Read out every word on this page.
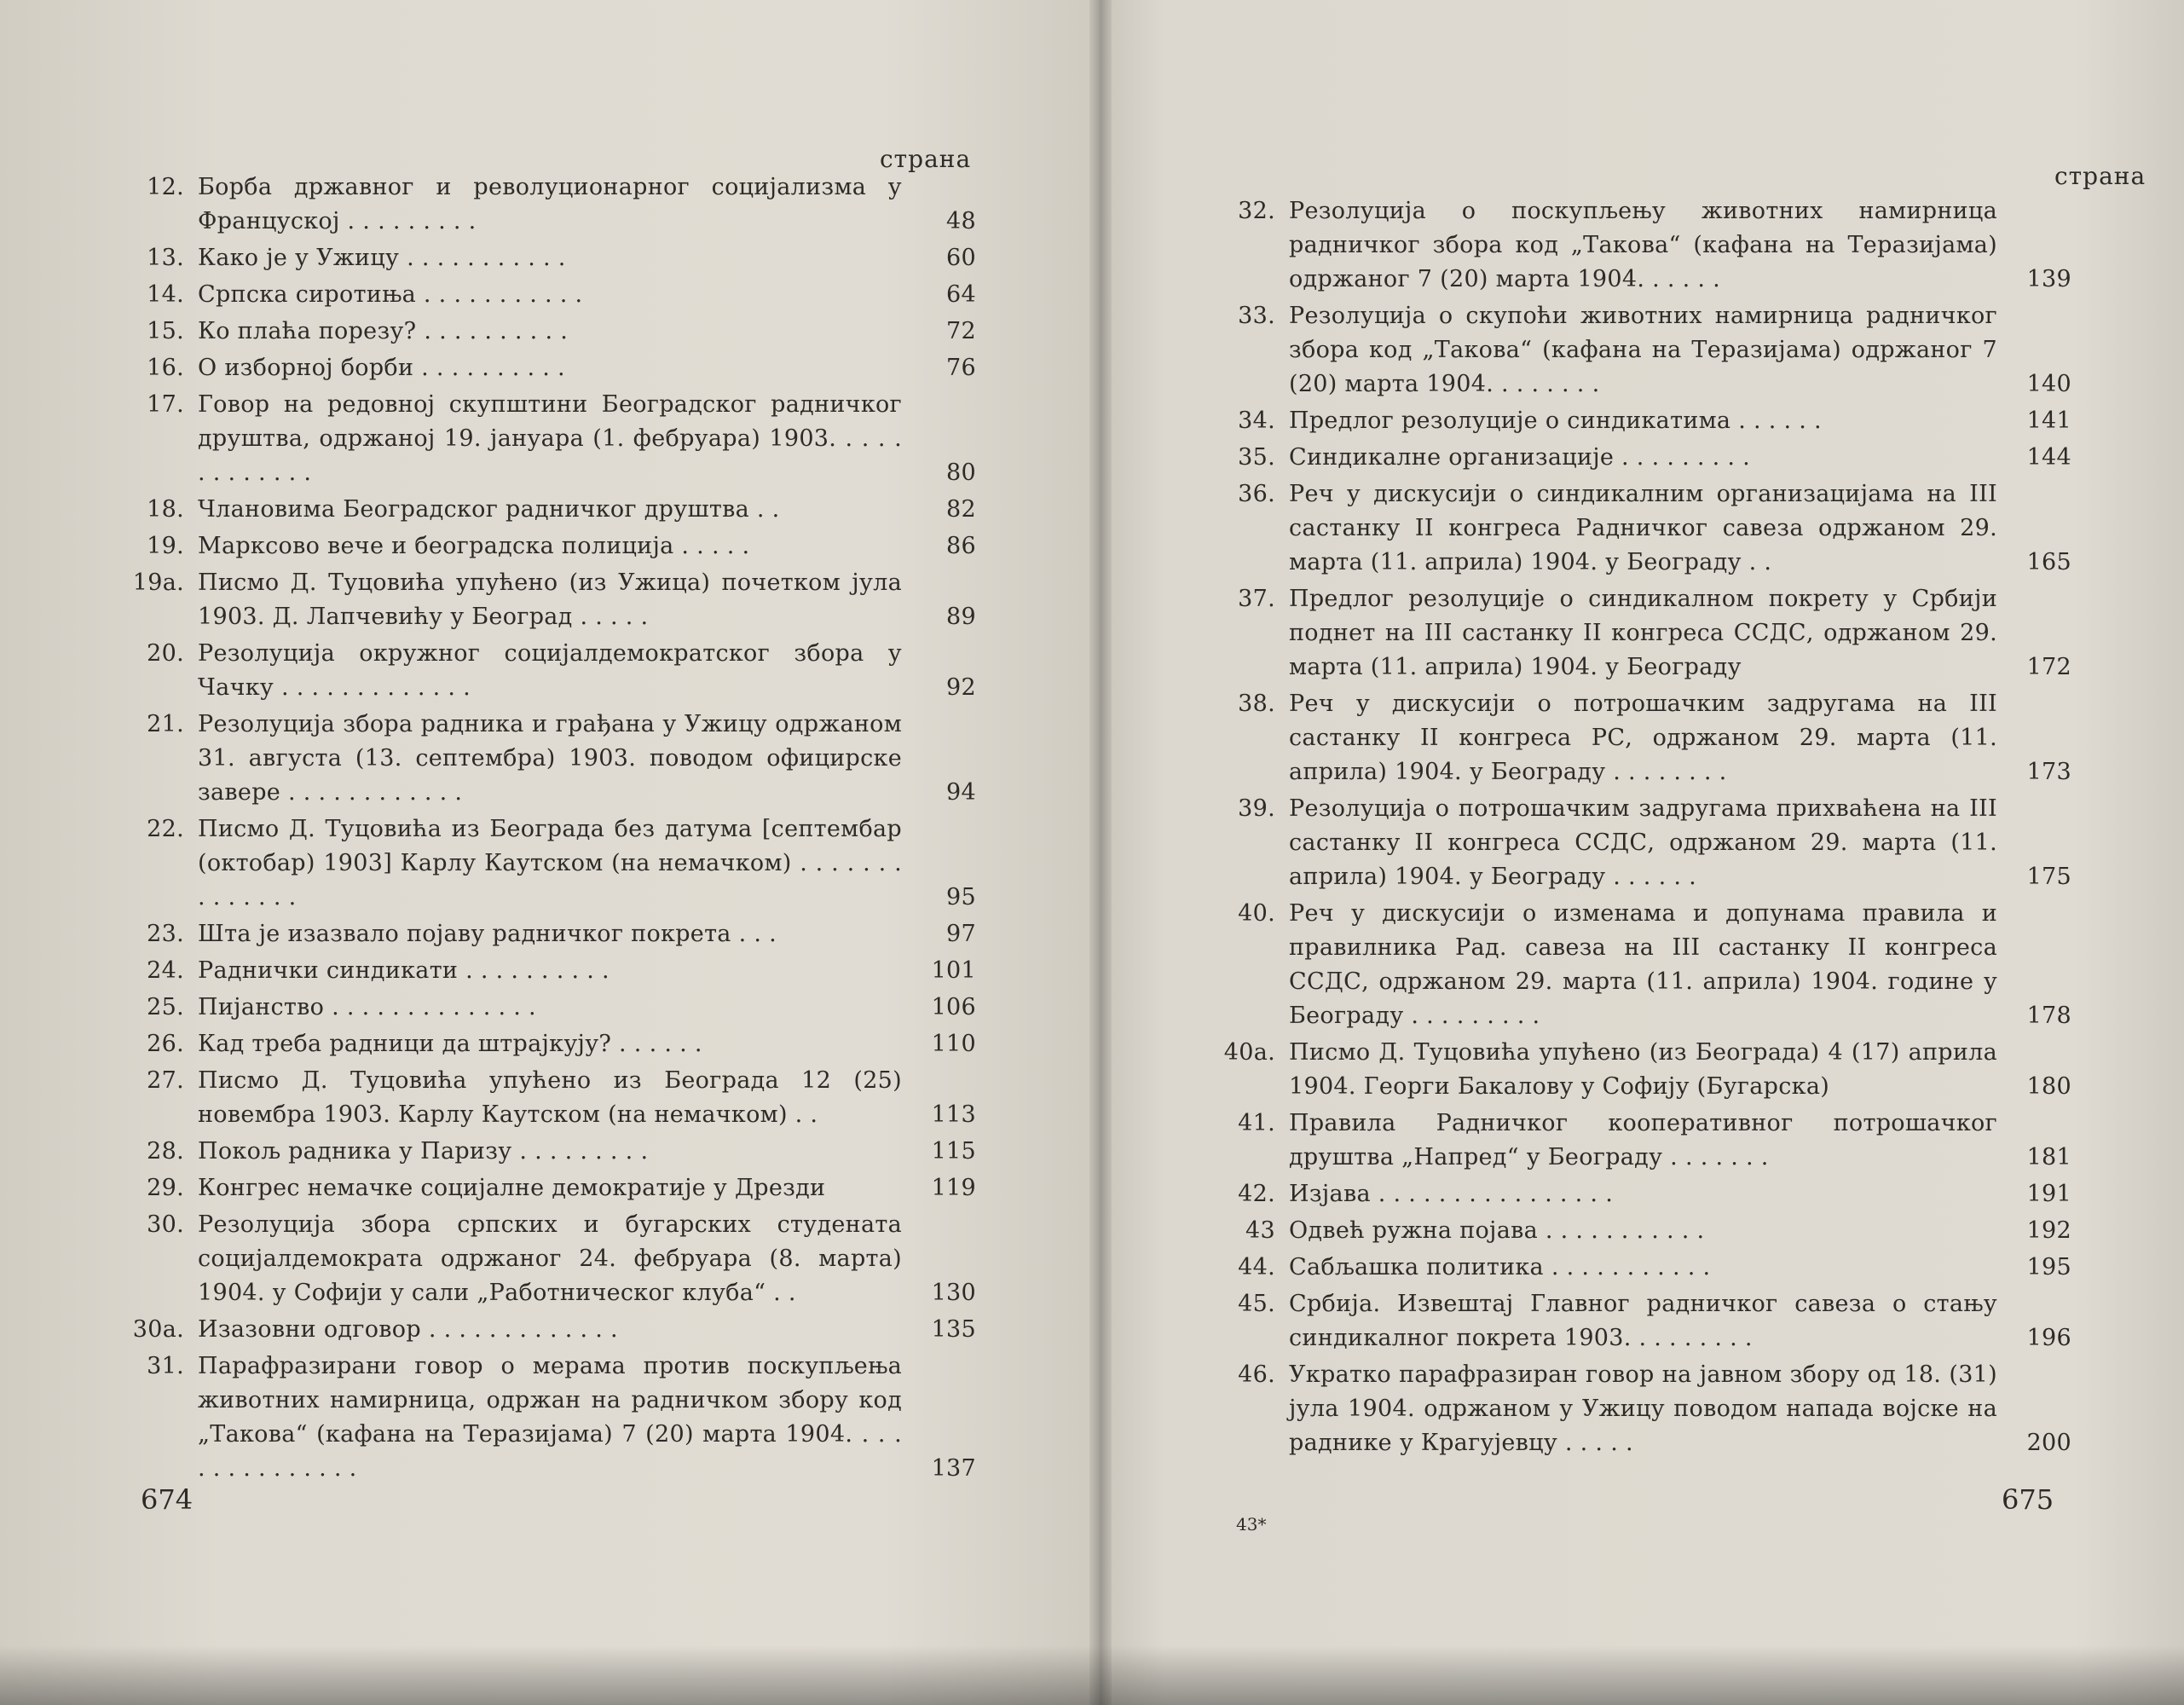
страна
12. Борба државног и револуционарног социјализма у Француској . . . . . . . . .	48
13. Како је у Ужицу . . . . . . . . . . .	60
14. Српска сиротиња . . . . . . . . . . .	64
15. Ко плаћа порезу? . . . . . . . . . .	72
16. О изборној борби . . . . . . . . . .	76
17. Говор на редовној скупштини Београдског радничког друштва, одржаној 19. јануара (1. фебруара) 1903. . . . . . . . . . . . .	80
18. Члановима Београдског радничког друштва . .	82
19. Марксово вече и београдска полиција . . . . .	86
19а. Писмо Д. Туцовића упућено (из Ужица) почетком јула 1903. Д. Лапчевићу у Београд . . . . .	89
20. Резолуција окружног социјалдемократског збора у Чачку . . . . . . . . . . . . .	92
21. Резолуција збора радника и грађана у Ужицу одржаном 31. августа (13. септембра) 1903. поводом официрске завере . . . . . . . . . . . .	94
22. Писмо Д. Туцовића из Београда без датума [септембар (октобар) 1903] Карлу Каутском (на немачком) . . . . . . . . . . . . . .	95
23. Шта је изазвало појаву радничког покрета . . .	97
24. Раднички синдикати . . . . . . . . . .	101
25. Пијанство . . . . . . . . . . . . . .	106
26. Кад треба радници да штрајкују? . . . . . .	110
27. Писмо Д. Туцовића упућено из Београда 12 (25) новембра 1903. Карлу Каутском (на немачком) . .	113
28. Покољ радника у Паризу . . . . . . . . .	115
29. Конгрес немачке социјалне демократије у Дрезди	119
30. Резолуција збора српских и бугарских студената социјалдемократа одржаног 24. фебруара (8. марта) 1904. у Софији у сали „Работническог клуба“ . .	130
30а. Изазовни одговор . . . . . . . . . . . . .	135
31. Парафразирани говор о мерама против поскупљења животних намирница, одржан на радничком збору код „Такова“ (кафана на Теразијама) 7 (20) марта 1904. . . . . . . . . . . . . . .	137
674
страна
32. Резолуција о поскупљењу животних намирница радничког збора код „Такова“ (кафана на Теразијама) одржаног 7 (20) марта 1904. . . . . .	139
33. Резолуција о скупоћи животних намирница радничког збора код „Такова“ (кафана на Теразијама) одржаног 7 (20) марта 1904. . . . . . . .	140
34. Предлог резолуције о синдикатима . . . . . .	141
35. Синдикалне организације . . . . . . . . .	144
36. Реч у дискусији о синдикалним организацијама на III састанку II конгреса Радничког савеза одржаном 29. марта (11. априла) 1904. у Београду . .	165
37. Предлог резолуције о синдикалном покрету у Србији поднет на III састанку II конгреса ССДС, одржаном 29. марта (11. априла) 1904. у Београду	172
38. Реч у дискусији о потрошачким задругама на III састанку II конгреса РС, одржаном 29. марта (11. априла) 1904. у Београду . . . . . . . .	173
39. Резолуција о потрошачким задругама прихваћена на III састанку II конгреса ССДС, одржаном 29. марта (11. априла) 1904. у Београду . . . . . .	175
40. Реч у дискусији о изменама и допунама правила и правилника Рад. савеза на III састанку II конгреса ССДС, одржаном 29. марта (11. априла) 1904. године у Београду . . . . . . . . .	178
40а. Писмо Д. Туцовића упућено (из Београда) 4 (17) априла 1904. Георги Бакалову у Софију (Бугарска)	180
41. Правила Радничког кооперативног потрошачког друштва „Напред“ у Београду . . . . . . .	181
42. Изјава . . . . . . . . . . . . . . . .	191
43 Одвећ ружна појава . . . . . . . . . . .	192
44. Сабљашка политика . . . . . . . . . . .	195
45. Србија. Извештај Главног радничког савеза о стању синдикалног покрета 1903. . . . . . . . .	196
46. Укратко парафразиран говор на јавном збору од 18. (31) јула 1904. одржаном у Ужицу поводом напада војске на раднике у Крагујевцу . . . . .	200
43*
675
